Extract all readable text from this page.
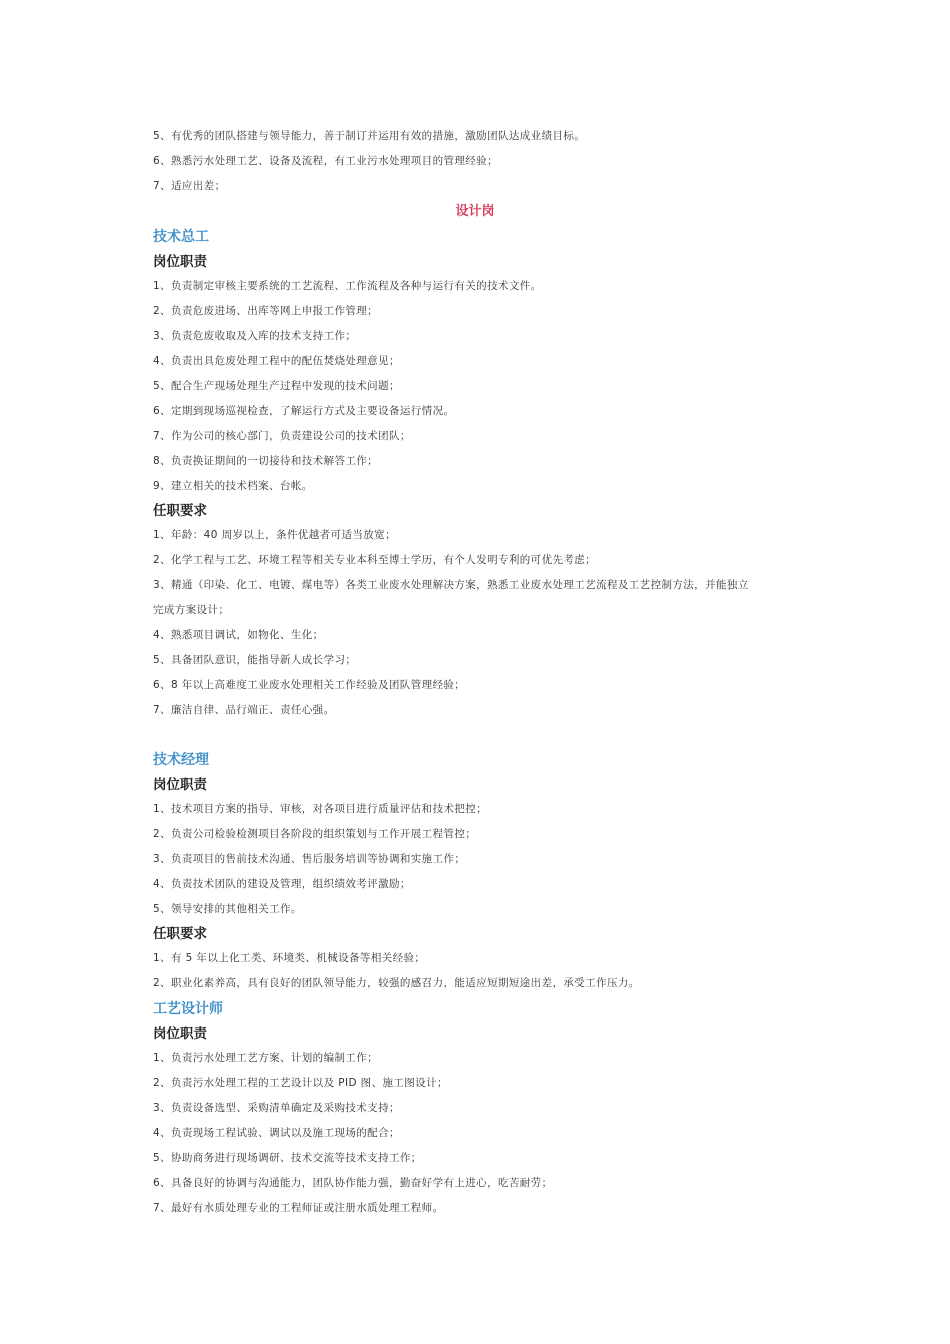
5、有优秀的团队搭建与领导能力，善于制订并运用有效的措施，激励团队达成业绩目标。
6、熟悉污水处理工艺、设备及流程，有工业污水处理项目的管理经验；
7、适应出差；
设计岗
技术总工
岗位职责
1、负责制定审核主要系统的工艺流程、工作流程及各种与运行有关的技术文件。
2、负责危废进场、出库等网上申报工作管理；
3、负责危废收取及入库的技术支持工作；
4、负责出具危废处理工程中的配伍焚烧处理意见；
5、配合生产现场处理生产过程中发现的技术问题；
6、定期到现场巡视检查，了解运行方式及主要设备运行情况。
7、作为公司的核心部门，负责建设公司的技术团队；
8、负责换证期间的一切接待和技术解答工作；
9、建立相关的技术档案、台帐。
任职要求
1、年龄：40 周岁以上，条件优越者可适当放宽；
2、化学工程与工艺、环境工程等相关专业本科至博士学历，有个人发明专利的可优先考虑；
3、精通（印染、化工、电镀、煤电等）各类工业废水处理解决方案，熟悉工业废水处理工艺流程及工艺控制方法，并能独立
完成方案设计；
4、熟悉项目调试，如物化、生化；
5、具备团队意识，能指导新人成长学习；
6、8 年以上高难度工业废水处理相关工作经验及团队管理经验；
7、廉洁自律、品行端正、责任心强。
技术经理
岗位职责
1、技术项目方案的指导、审核，对各项目进行质量评估和技术把控；
2、负责公司检验检测项目各阶段的组织策划与工作开展工程管控；
3、负责项目的售前技术沟通、售后服务培训等协调和实施工作；
4、负责技术团队的建设及管理，组织绩效考评激励；
5、领导安排的其他相关工作。
任职要求
1、有 5 年以上化工类、环境类、机械设备等相关经验；
2、职业化素养高，具有良好的团队领导能力，较强的感召力，能适应短期短途出差，承受工作压力。
工艺设计师
岗位职责
1、负责污水处理工艺方案、计划的编制工作；
2、负责污水处理工程的工艺设计以及 PID 图、施工图设计；
3、负责设备选型、采购清单确定及采购技术支持；
4、负责现场工程试验、调试以及施工现场的配合；
5、协助商务进行现场调研、技术交流等技术支持工作；
6、具备良好的协调与沟通能力，团队协作能力强，勤奋好学有上进心，吃苦耐劳；
7、最好有水质处理专业的工程师证或注册水质处理工程师。
